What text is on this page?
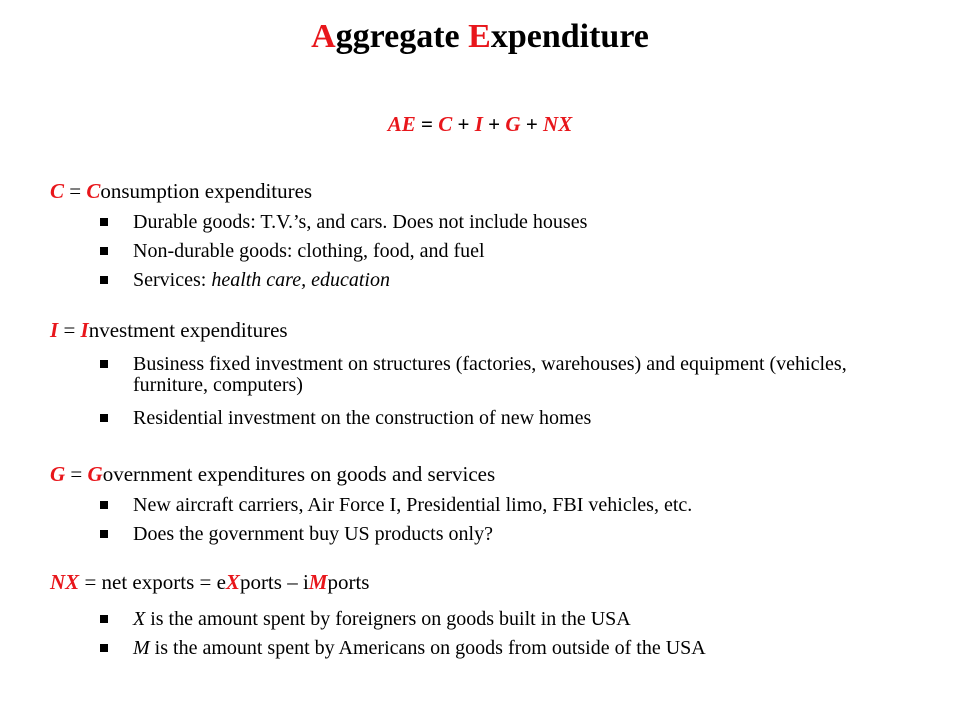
Aggregate Expenditure
AE = C + I + G + NX
C = Consumption expenditures
Durable goods: T.V.’s, and cars. Does not include houses
Non-durable goods: clothing, food, and fuel
Services: health care, education
I = Investment expenditures
Business fixed investment on structures (factories, warehouses) and equipment (vehicles, furniture, computers)
Residential investment on the construction of new homes
G = Government expenditures on goods and services
New aircraft carriers, Air Force I, Presidential limo, FBI vehicles, etc.
Does the government buy US products only?
NX = net exports = eXports – iMports
X is the amount spent by foreigners on goods built in the USA
M is the amount spent by Americans on goods from outside of the USA
